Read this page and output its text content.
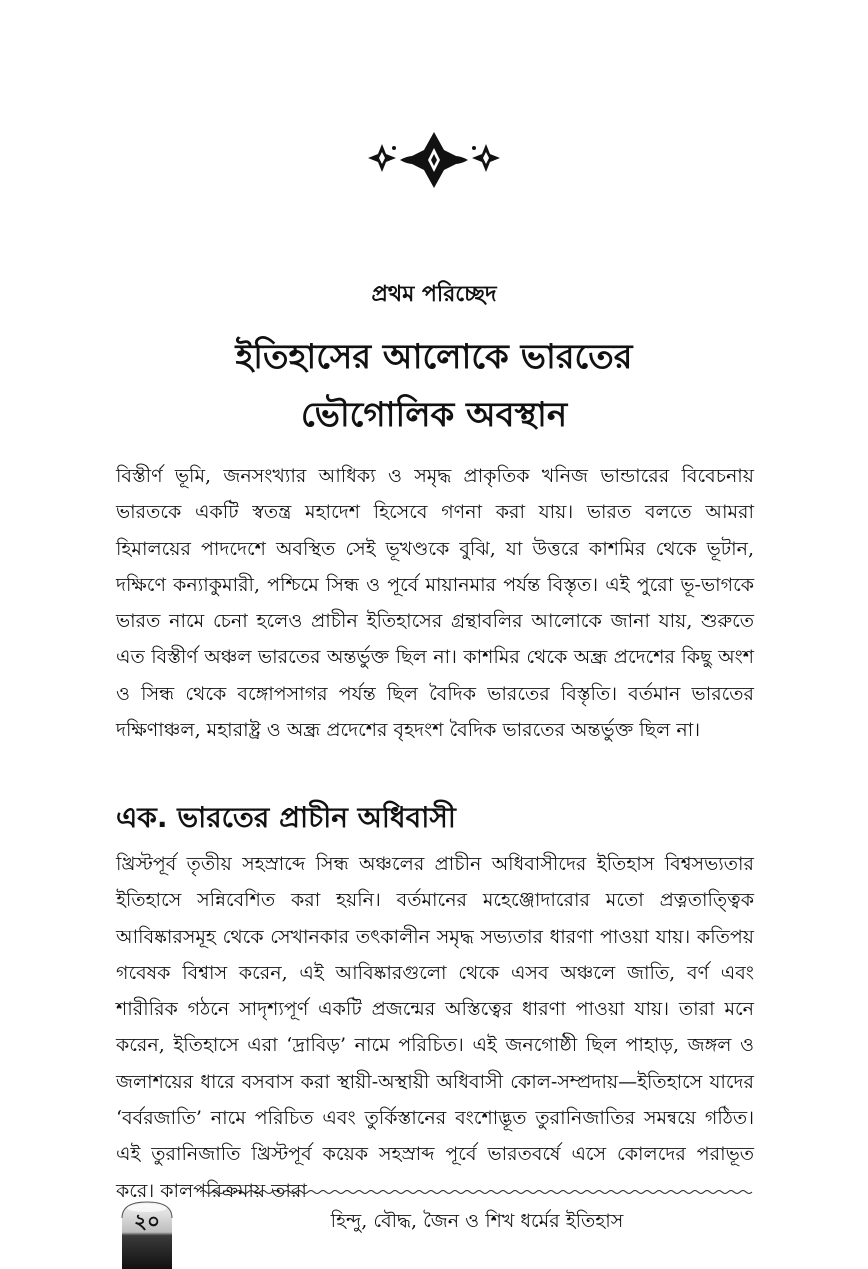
প্রথম পরিচ্ছেদ
ইতিহাসের আলোকে ভারতের
ভৌগোলিক অবস্থান

বিস্তীর্ণ ভূমি, জনসংখ্যার আধিক্য ও সমৃদ্ধ প্রাকৃতিক খনিজ ভান্ডারের বিবেচনায় ভারতকে একটি স্বতন্ত্র মহাদেশ হিসেবে গণনা করা যায়। ভারত বলতে আমরা হিমালয়ের পাদদেশে অবস্থিত সেই ভূখণ্ডকে বুঝি, যা উত্তরে কাশমির থেকে ভূটান, দক্ষিণে কন্যাকুমারী, পশ্চিমে সিন্ধ ও পূর্বে মায়ানমার পর্যন্ত বিস্তৃত। এই পুরো ভূ-ভাগকে ভারত নামে চেনা হলেও প্রাচীন ইতিহাসের গ্রন্থাবলির আলোকে জানা যায়, শুরুতে এত বিস্তীর্ণ অঞ্চল ভারতের অন্তর্ভুক্ত ছিল না। কাশমির থেকে অন্ধ্র প্রদেশের কিছু অংশ ও সিন্ধ থেকে বঙ্গোপসাগর পর্যন্ত ছিল বৈদিক ভারতের বিস্তৃতি। বর্তমান ভারতের দক্ষিণাঞ্চল, মহারাষ্ট্র ও অন্ধ্র প্রদেশের বৃহদংশ বৈদিক ভারতের অন্তর্ভুক্ত ছিল না।

এক. ভারতের প্রাচীন অধিবাসী

খ্রিস্টপূর্ব তৃতীয় সহস্রাব্দে সিন্ধ অঞ্চলের প্রাচীন অধিবাসীদের ইতিহাস বিশ্বসভ্যতার ইতিহাসে সন্নিবেশিত করা হয়নি। বর্তমানের মহেঞ্জোদারোর মতো প্রত্নতাত্ত্বিক আবিষ্কারসমূহ থেকে সেখানকার তৎকালীন সমৃদ্ধ সভ্যতার ধারণা পাওয়া যায়। কতিপয় গবেষক বিশ্বাস করেন, এই আবিষ্কারগুলো থেকে এসব অঞ্চলে জাতি, বর্ণ এবং শারীরিক গঠনে সাদৃশ্যপূর্ণ একটি প্রজন্মের অস্তিত্বের ধারণা পাওয়া যায়। তারা মনে করেন, ইতিহাসে এরা ‘দ্রাবিড়’ নামে পরিচিত। এই জনগোষ্ঠী ছিল পাহাড়, জঙ্গল ও জলাশয়ের ধারে বসবাস করা স্থায়ী-অস্থায়ী অধিবাসী কোল-সম্প্রদায়—ইতিহাসে যাদের ‘বর্বরজাতি’ নামে পরিচিত এবং তুর্কিস্তানের বংশোদ্ভূত তুরানিজাতির সমন্বয়ে গঠিত। এই তুরানিজাতি খ্রিস্টপূর্ব কয়েক সহস্রাব্দ পূর্বে ভারতবর্ষে এসে কোলদের পরাভূত করে। কালপরিক্রমায় তারা

২০	হিন্দু, বৌদ্ধ, জৈন ও শিখ ধর্মের ইতিহাস
